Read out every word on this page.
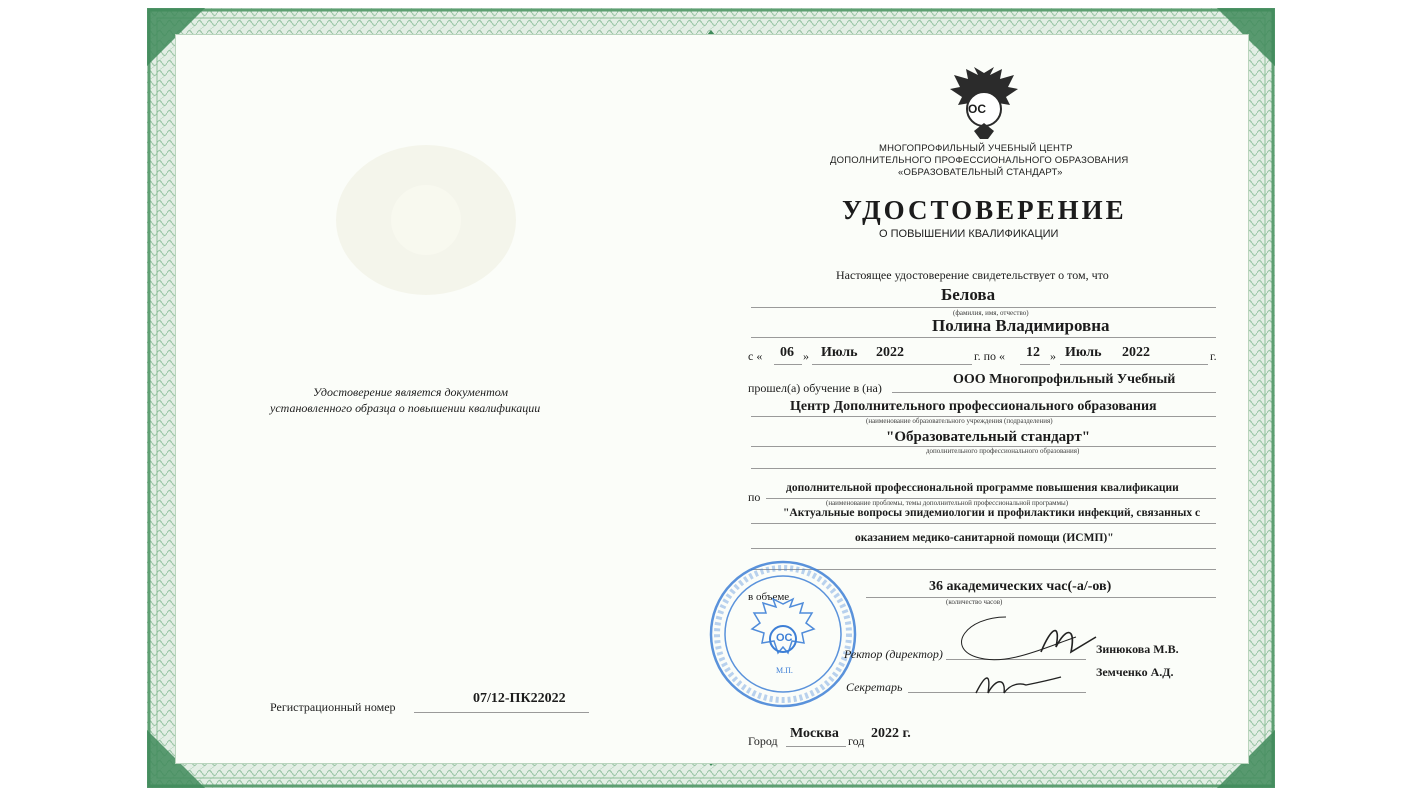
Удостоверение является документом
установленного образца о повышении квалификации
Регистрационный номер
07/12-ПК22022
ОС
МНОГОПРОФИЛЬНЫЙ УЧЕБНЫЙ ЦЕНТР
ДОПОЛНИТЕЛЬНОГО ПРОФЕССИОНАЛЬНОГО ОБРАЗОВАНИЯ
«ОБРАЗОВАТЕЛЬНЫЙ СТАНДАРТ»
УДОСТОВЕРЕНИЕ
О ПОВЫШЕНИИ КВАЛИФИКАЦИИ
Настоящее удостоверение свидетельствует о том, что
Белова
(фамилия, имя, отчество)
Полина Владимировна
с « 06 » Июль 2022	г. по « 12 » Июль 2022	г.
прошел(а) обучение в (на)
ООО Многопрофильный Учебный
Центр Дополнительного профессионального образования
(наименование образовательного учреждения (подразделения)
"Образовательный стандарт"
дополнительного профессионального образования)
по
дополнительной профессиональной программе повышения квалификации
(наименование проблемы, темы дополнительной профессиональной программы)
"Актуальные вопросы эпидемиологии и профилактики инфекций, связанных с
оказанием медико-санитарной помощи (ИСМП)"
в объеме
36 академических час(-а/-ов)
(количество часов)
ОС
М.П.
Ректор (директор)	Зинюкова М.В.
Секретарь
Земченко А.Д.
Город Москва год 2022 г.
